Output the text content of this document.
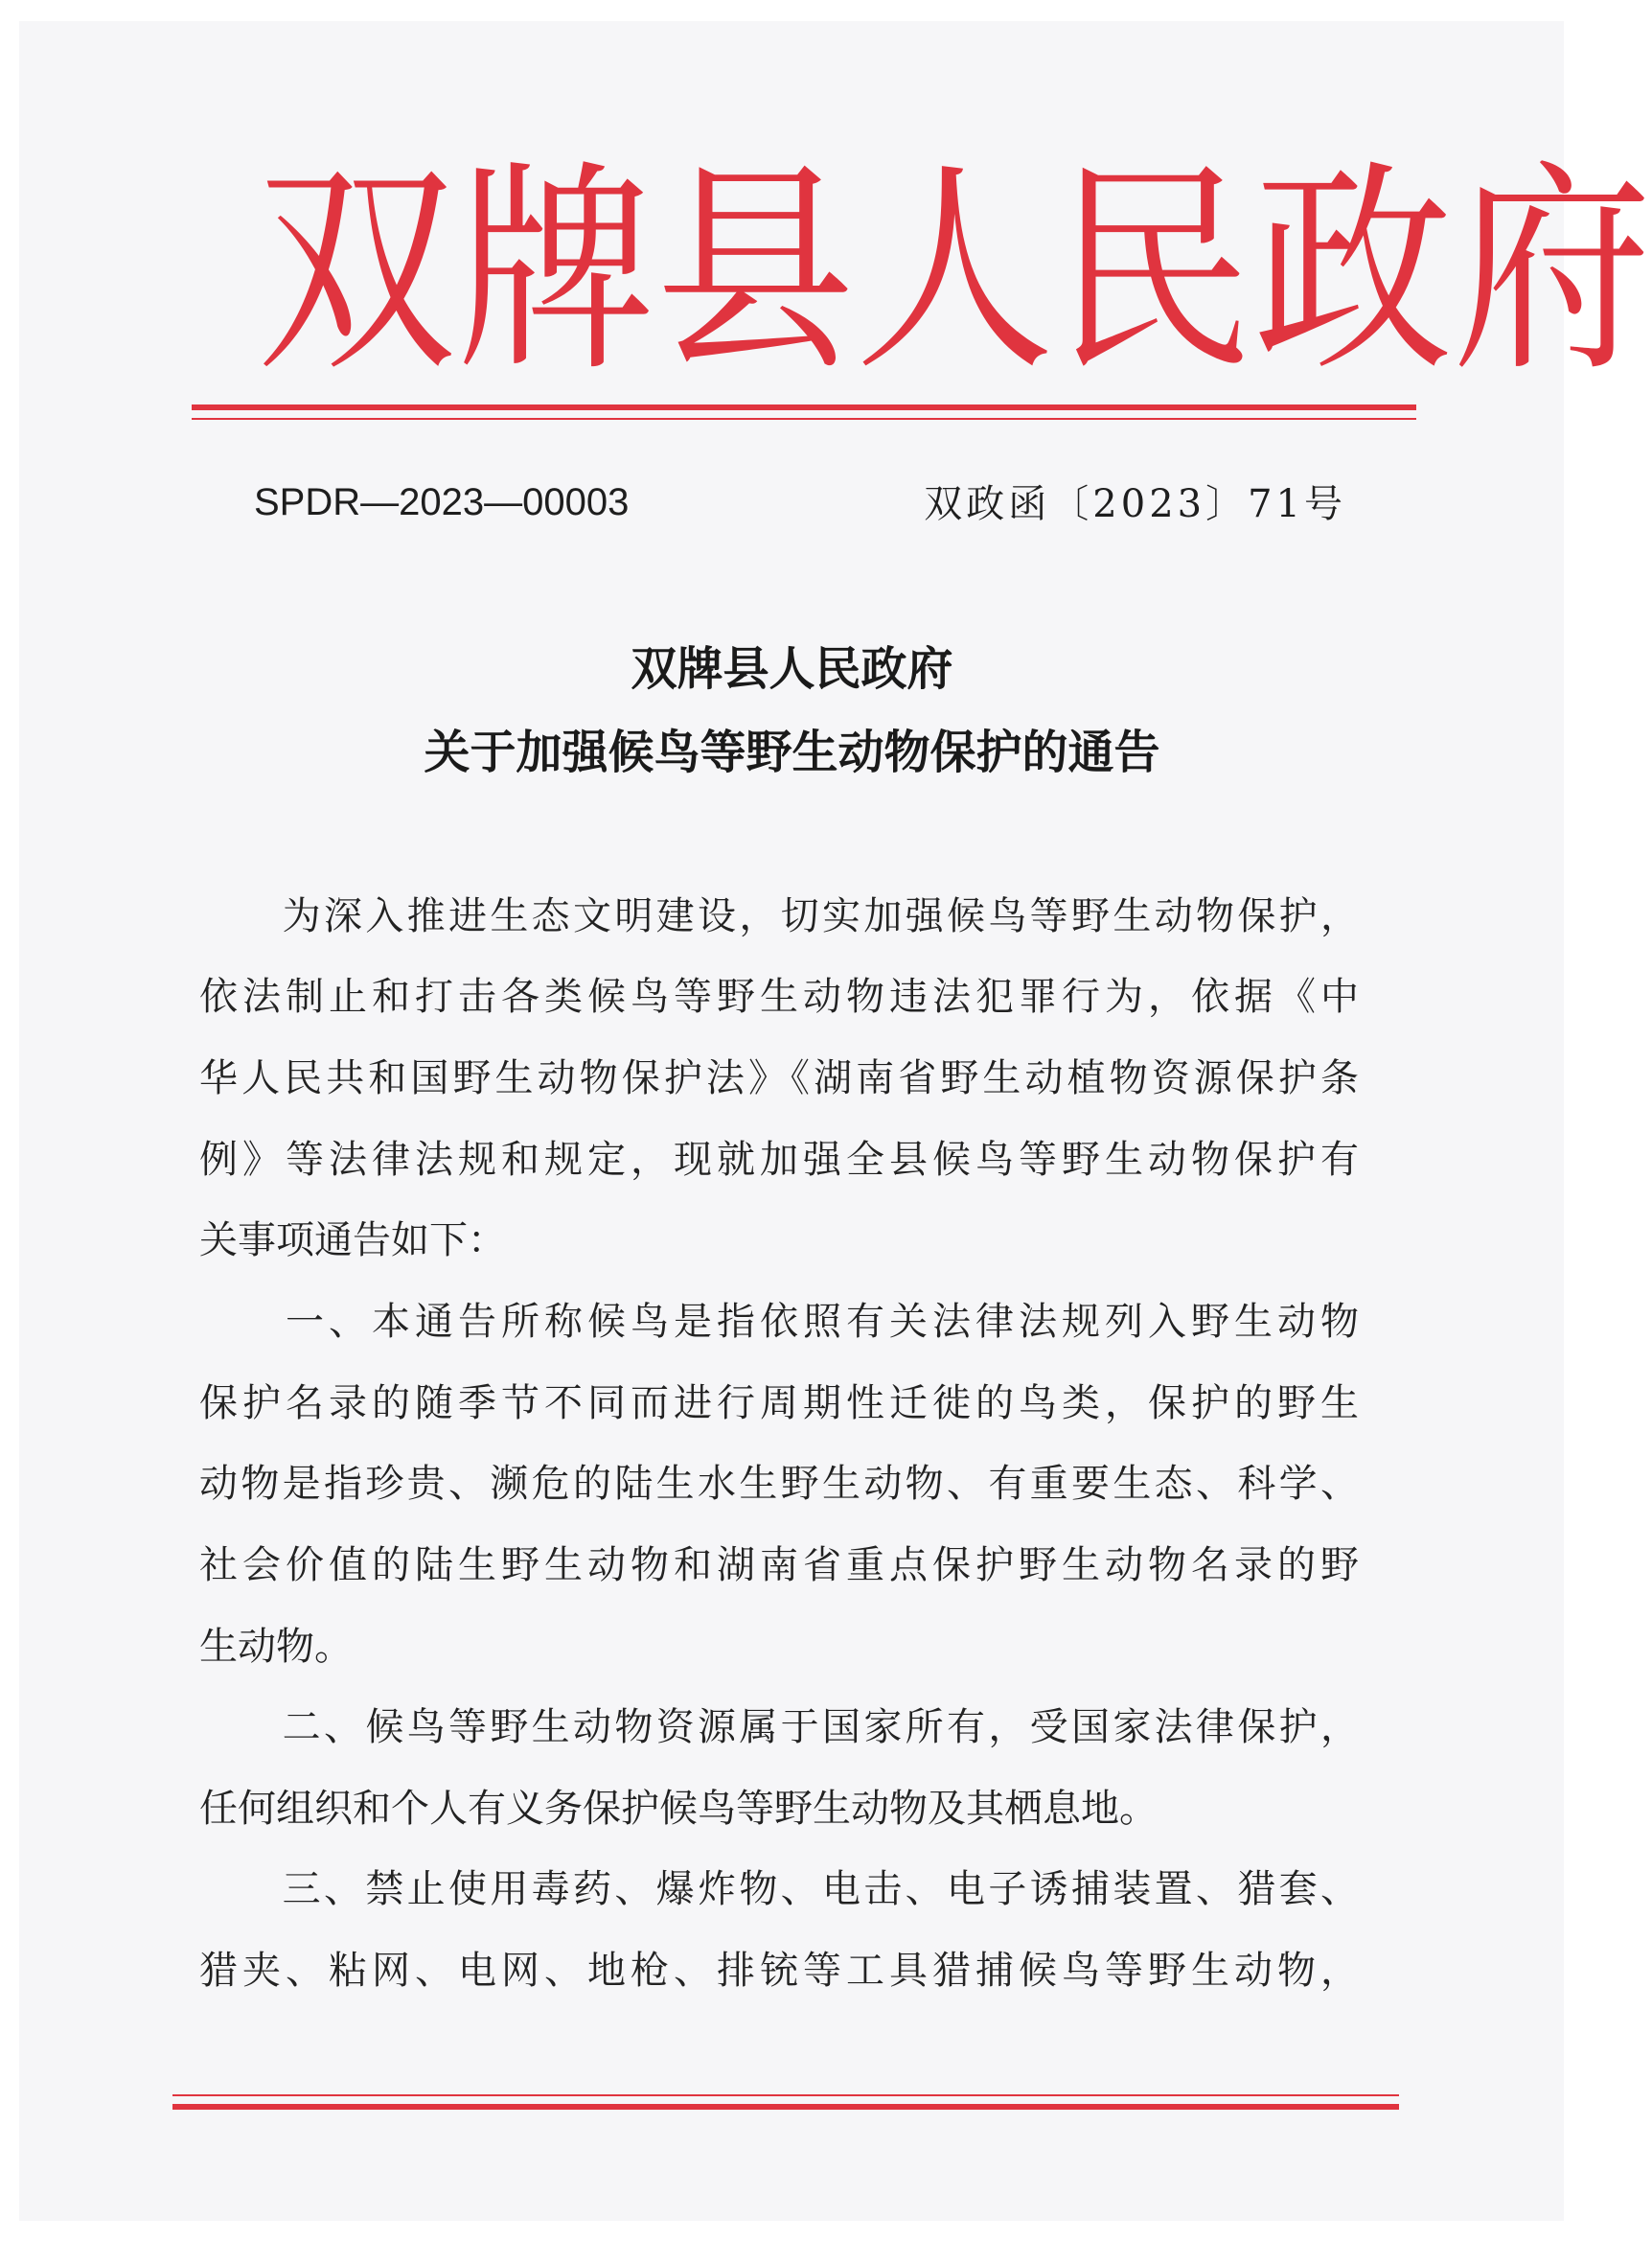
双 牌 县 人 民 政 府
SPDR—2023—00003	双政函〔2023〕71号
双牌县人民政府
关于加强候鸟等野生动物保护的通告
　　为深入推进生态文明建设，切实加强候鸟等野生动物保护，
依法制止和打击各类候鸟等野生动物违法犯罪行为，依据《中
华人民共和国野生动物保护法》《湖南省野生动植物资源保护条
例》等法律法规和规定，现就加强全县候鸟等野生动物保护有
关事项通告如下：
　　一、本通告所称候鸟是指依照有关法律法规列入野生动物
保护名录的随季节不同而进行周期性迁徙的鸟类，保护的野生
动物是指珍贵、濒危的陆生水生野生动物、有重要生态、科学、
社会价值的陆生野生动物和湖南省重点保护野生动物名录的野
生动物。
　　二、候鸟等野生动物资源属于国家所有，受国家法律保护，
任何组织和个人有义务保护候鸟等野生动物及其栖息地。
　　三、禁止使用毒药、爆炸物、电击、电子诱捕装置、猎套、
猎夹、粘网、电网、地枪、排铳等工具猎捕候鸟等野生动物，
